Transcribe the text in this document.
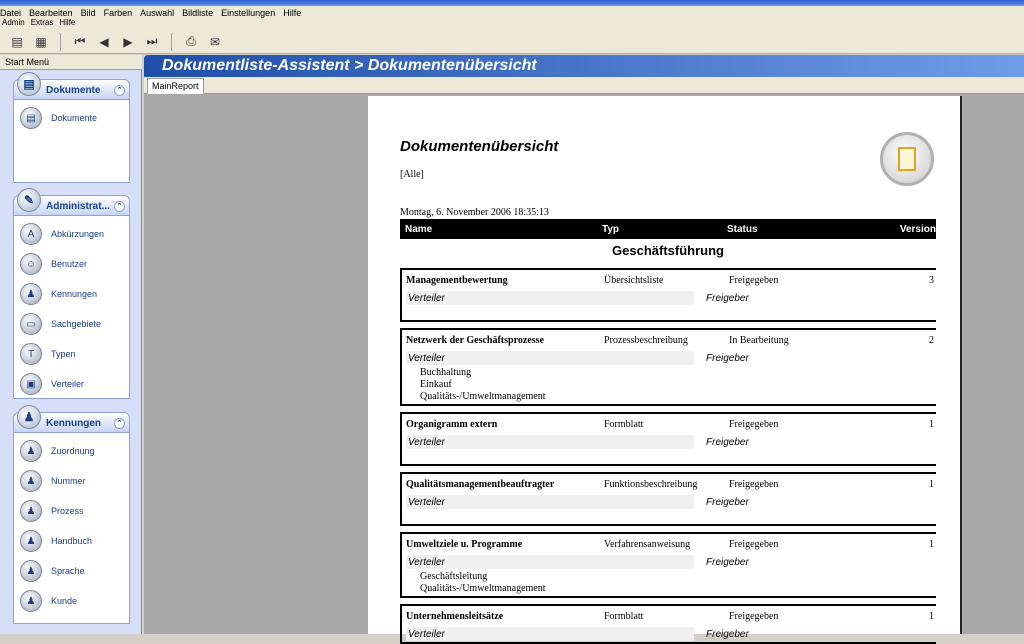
Datei Bearbeiten Bild Farben Auswahl Bildliste Einstellungen Hilfe
Admin Extras Hilfe
▤ ▦ ⏮	◀	▶	⏭	⎙	✉
Start Menü
▤	Dokumente	⌃
▤	Dokumente
✎	Administrat... ⌃
A	Abkürzungen
☺	Benutzer
♟	Kennungen
▭	Sachgebiete
T	Typen
▣	Verteiler
♟	Kennungen	⌃
♟	Zuordnung
♟	Nummer
♟	Prozess
♟	Handbuch
♟	Sprache
♟	Kunde
Dokumentliste-Assistent > Dokumentenübersicht
MainReport
Dokumentenübersicht
[Alle]
Montag, 6. November 2006 18:35:13
Name	Typ	Status	Version
Geschäftsführung
Managementbewertung	Übersichtsliste	Freigegeben	3
Verteiler	Freigeber
Netzwerk der Geschäftsprozesse	Prozessbeschreibung	In Bearbeitung	2
Verteiler	Freigeber
Buchhaltung
Einkauf
Qualitäts-/Umweltmanagement
Organigramm extern	Formblatt	Freigegeben	1
Verteiler	Freigeber
Qualitätsmanagementbeauftragter	Funktionsbeschreibung	Freigegeben	1
Verteiler	Freigeber
Umweltziele u. Programme	Verfahrensanweisung	Freigegeben	1
Verteiler	Freigeber
Geschäftsleitung
Qualitäts-/Umweltmanagement
Unternehmensleitsätze	Formblatt	Freigegeben	1
Verteiler	Freigeber
